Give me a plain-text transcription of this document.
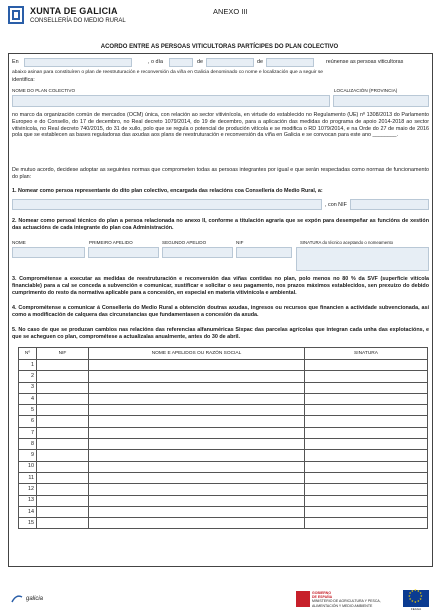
XUNTA DE GALICIA
CONSELLERÍA DO MEDIO RURAL
ANEXO III
ACORDO ENTRE AS PERSOAS VITICULTORAS PARTÍCIPES DO PLAN COLECTIVO
En	, o día	de	de	reúnense as persoas viticultoras
abaixo asinan para constituíren o plan de reestruturación e reconversión da viña en Galicia denominado co nome e localización que a seguir se
identifica:
NOME DO PLAN COLECTIVO	LOCALIZACIÓN (PROVINCIA)
no marco da organización común de mercados (OCM) única, con relación ao sector vitivinícola, en virtude do establecido no Regulamento (UE) nº 1308/2013 do Parlamento Europeo e do Consello, do 17 de decembro, no Real decreto 1079/2014, do 19 de decembro, para a aplicación das medidas do programa de apoio 2014-2018 ao sector vitivinícola, no Real decreto 740/2015, do 31 de xullo, polo que se regula o potencial de produción vitícola e se modifica o RD 1079/2014, e na Orde do 27 de maio de 2016 pola que se establecen as bases reguladoras das axudas aos plans de reestruturación e reconversión da viña en Galicia e se convocan para este ano ________.
De mutuo acordo, decidese adoptar as seguintes normas que comprometen todas as persoas integrantes por igual e que serán respectadas como normas de funcionamento do plan:
1. Nomear como persoa representante do dito plan colectivo, encargada das relacións coa Consellería do Medio Rural, a:
, con NIF
2. Nomear como persoal técnico do plan a persoa relacionada no anexo II, conforme a titulación agraria que se expón para desempeñar as funcións de xestión das actuacións de cada integrante do plan coa Administración.
NOME	PRIMEIRO APELIDO	SEGUNDO APELIDO	NIF	SINATURA do técnico aceptando o nomeamento
3. Comprométense a executar as medidas de reestruturación e reconversión das viñas contidas no plan, polo menos no 80 % da SVF (superficie vitícola financiable) para a cal se conceda a subvención e comunicar, xustificar e solicitar o seu pagamento, nos prazos máximos establecidos, sen prexuízo do debido cumprimento do resto da normativa aplicable para a concesión, en especial en materia vitivinícola e ambiental.
4. Comprométense a comunicar á Consellería do Medio Rural a obtención doutras axudas, ingresos ou recursos que financien a actividade subvencionada, así como a modificación de calquera das circunstancias que fundamentasen a concesión da axuda.
5. No caso de que se produzan cambios nas relacións das referencias alfanuméricas Sixpac das parcelas agrícolas que integran cada unha das explotacións, e que se acheguen co plan, comprométese a actualizalas anualmente, antes do 30 de abril.
Nº	NIF	NOME E APELIDOS OU RAZÓN SOCIAL	SINATURA
1			
2			
3			
4			
5			
6			
7			
8			
9			
10			
11			
12			
13			
14			
15			
galicia
GOBIERNO
DE ESPAÑA
MINISTERIO DE AGRICULTURA Y PESCA, ALIMENTACIÓN Y MEDIO AMBIENTE
★
★
★
★
★
★
★
★
★ ★ ★
★
FEAGA
